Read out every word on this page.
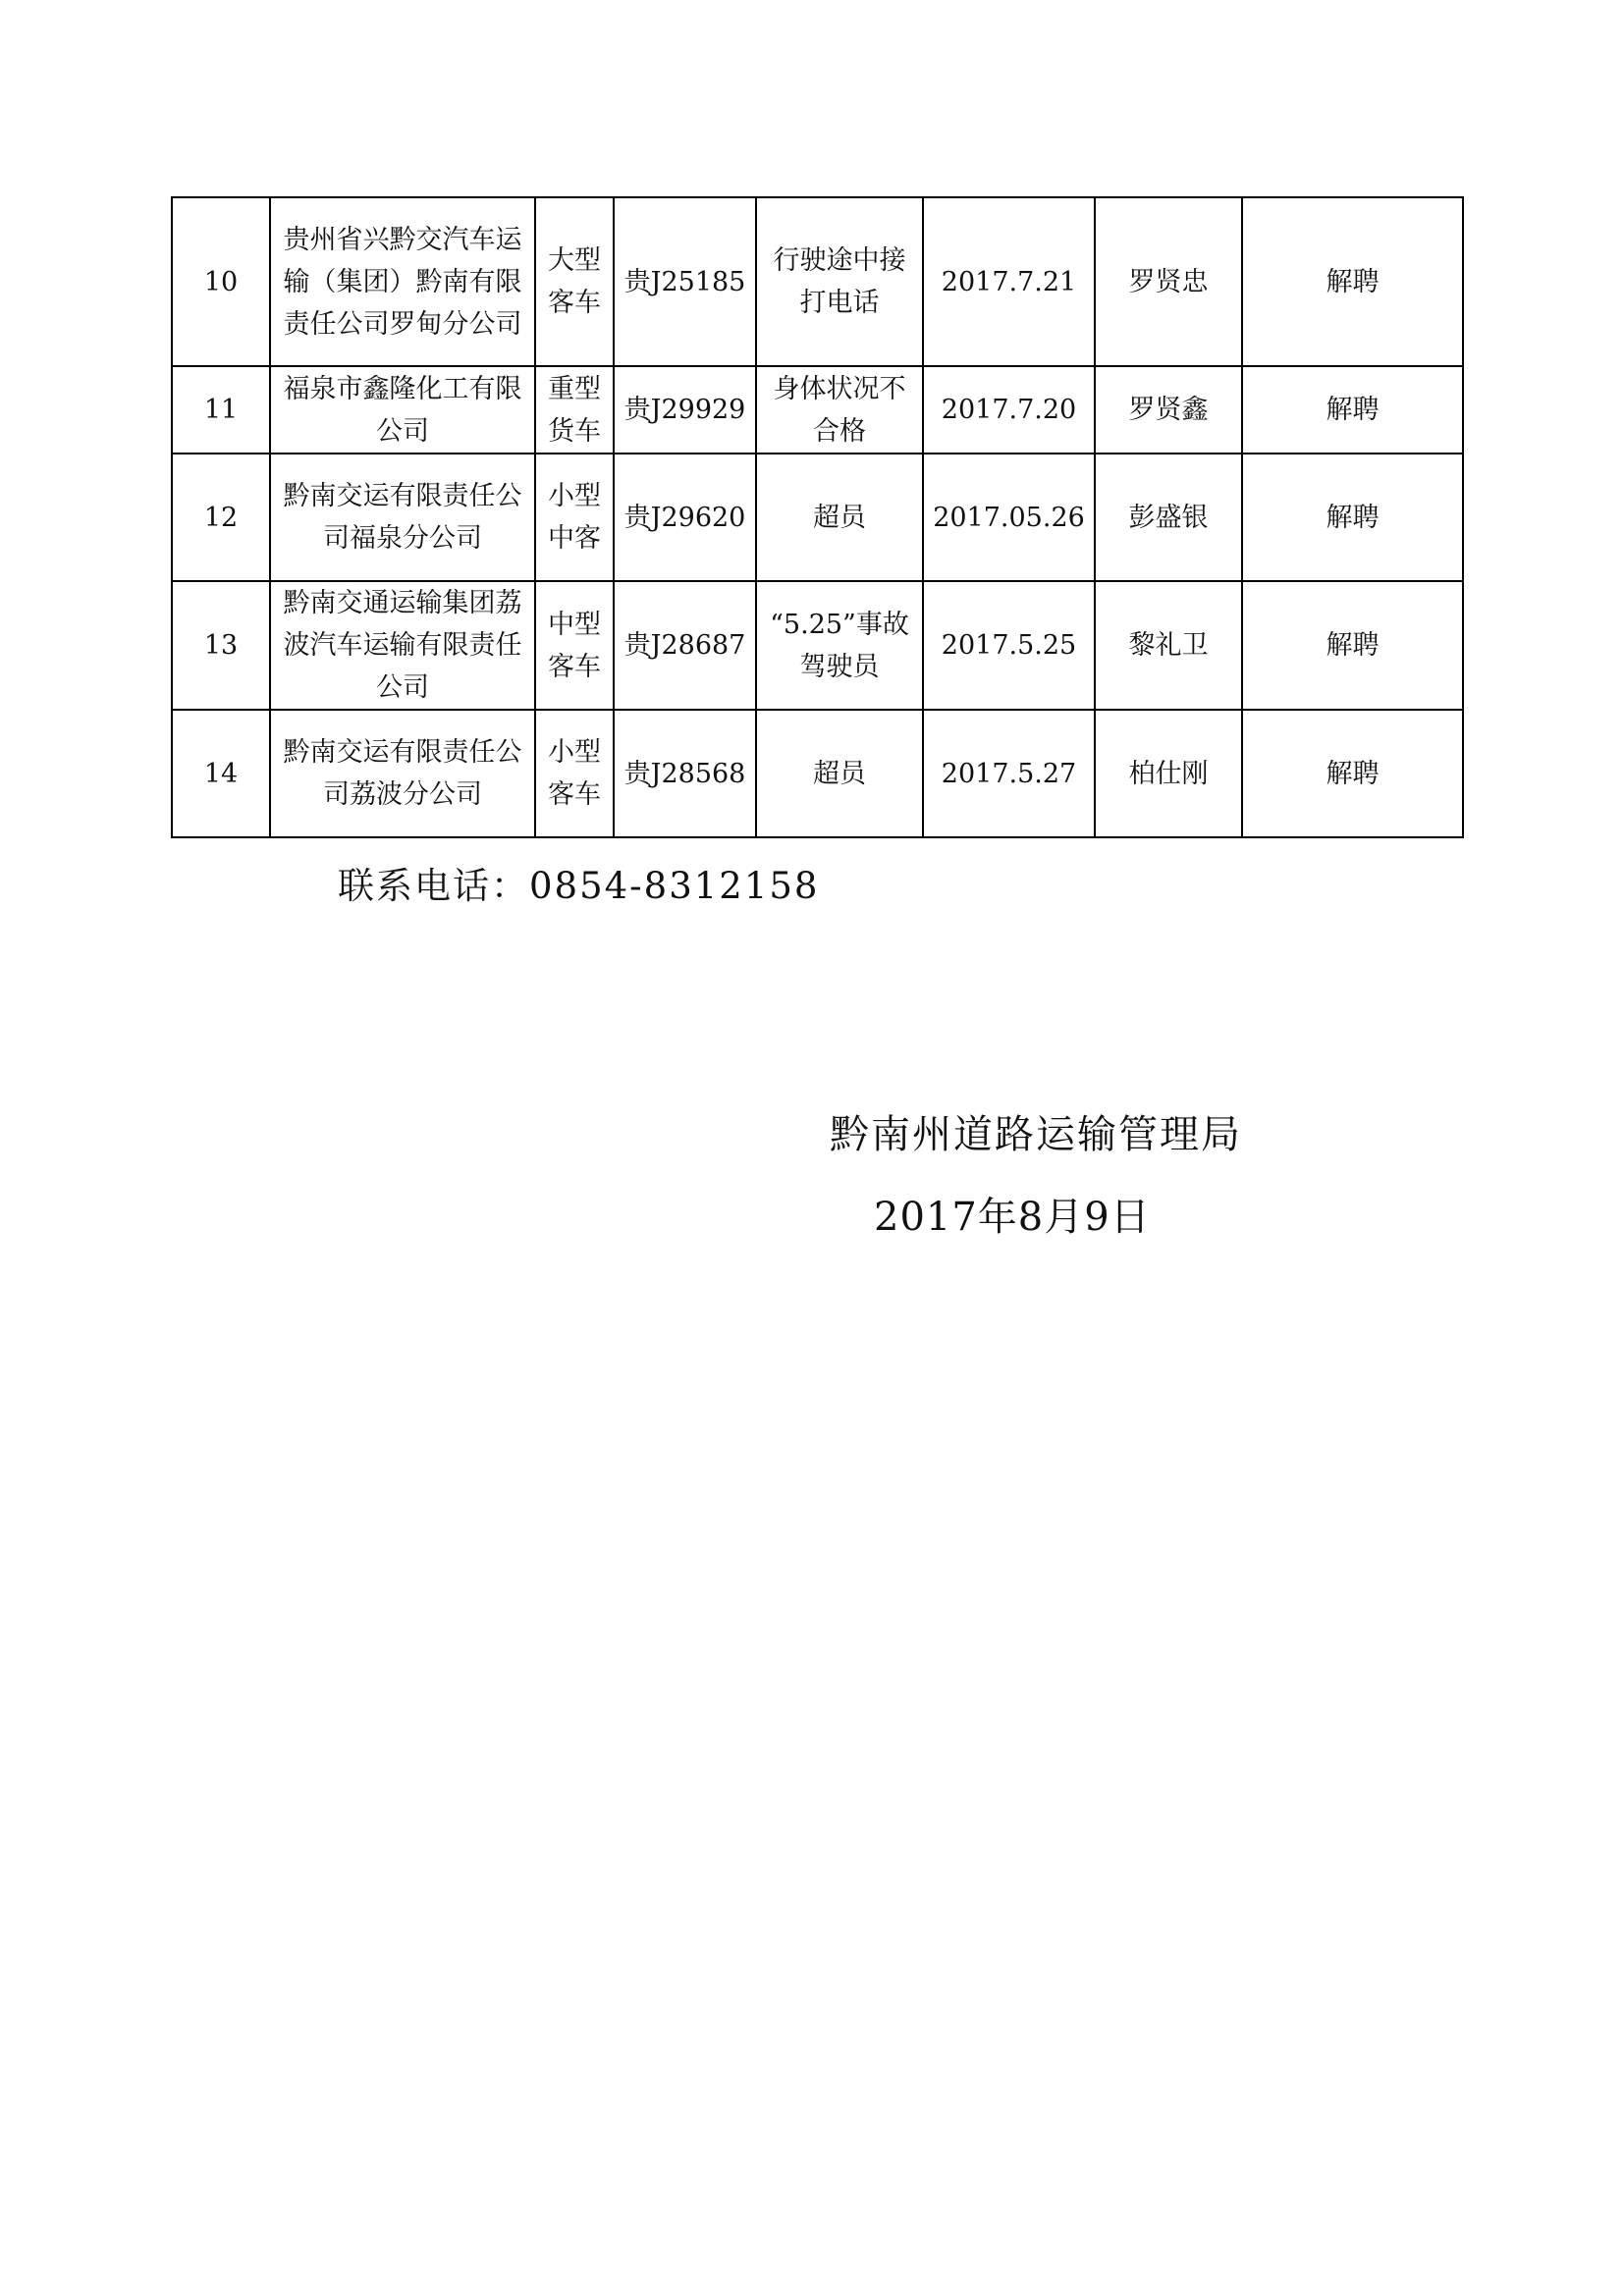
10	贵州省兴黔交汽车运输（集团）黔南有限责任公司罗甸分公司	大型客车	贵J25185	行驶途中接打电话	2017.7.21	罗贤忠	解聘
11	福泉市鑫隆化工有限公司	重型货车	贵J29929	身体状况不合格	2017.7.20	罗贤鑫	解聘
12	黔南交运有限责任公司福泉分公司	小型中客	贵J29620	超员	2017.05.26	彭盛银	解聘
13	黔南交通运输集团荔波汽车运输有限责任公司	中型客车	贵J28687	“5.25”事故驾驶员	2017.5.25	黎礼卫	解聘
14	黔南交运有限责任公司荔波分公司	小型客车	贵J28568	超员	2017.5.27	柏仕刚	解聘
联系电话：0854-8312158
黔南州道路运输管理局
2017年8月9日
